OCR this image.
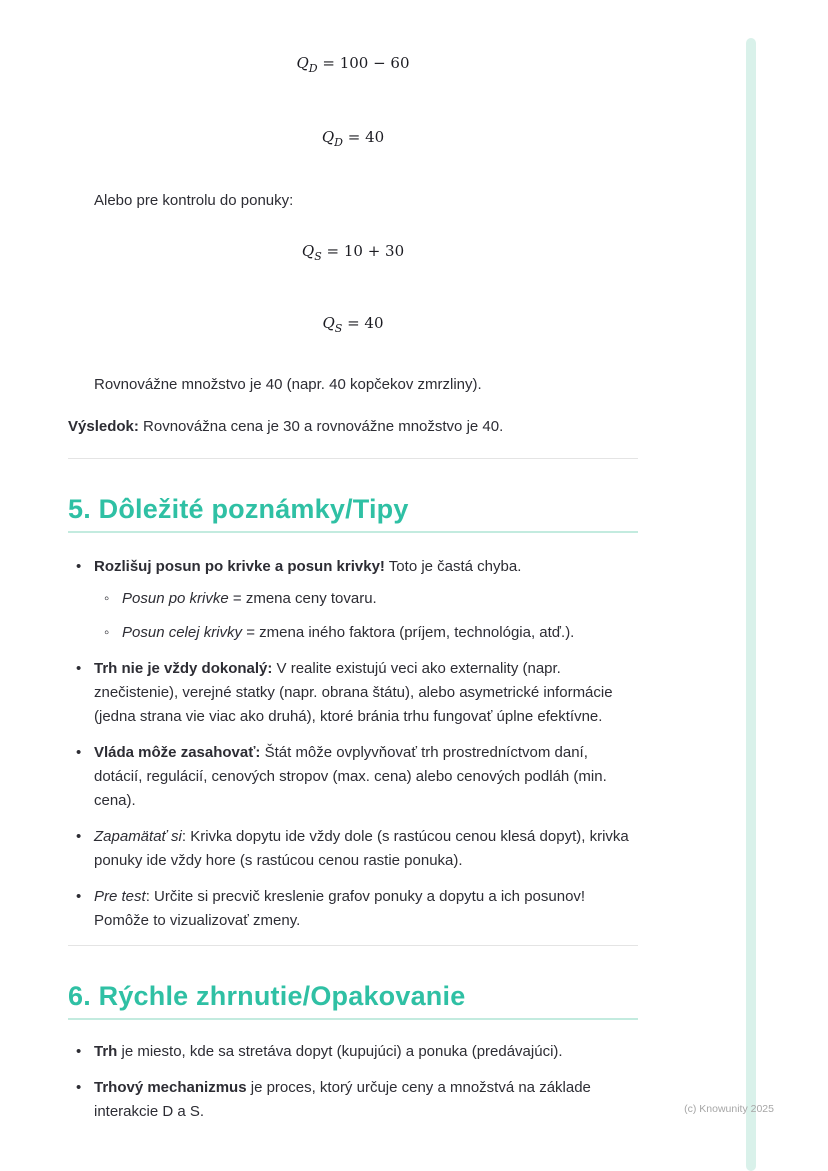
$Q_D = 100 - 60$
$Q_D = 40$

Alebo pre kontrolu do ponuky:

$Q_S = 10 + 30$
$Q_S = 40$

Rovnovážne množstvo je 40 (napr. 40 kopčekov zmrzliny).

Výsledok: Rovnovážna cena je 30 a rovnovážne množstvo je 40.

5. Dôležité poznámky/Tipy
• Rozlišuj posun po krivke a posun krivky! Toto je častá chyba.
◦ Posun po krivke = zmena ceny tovaru.
◦ Posun celej krivky = zmena iného faktora (príjem, technológia, atď.).
• Trh nie je vždy dokonalý: V realite existujú veci ako externality (napr. znečistenie), verejné statky (napr. obrana štátu), alebo asymetrické informácie (jedna strana vie viac ako druhá), ktoré bránia trhu fungovať úplne efektívne.
• Vláda môže zasahovať: Štát môže ovplyvňovať trh prostredníctvom daní, dotácií, regulácií, cenových stropov (max. cena) alebo cenových podláh (min. cena).
• Zapamätať si: Krivka dopytu ide vždy dole (s rastúcou cenou klesá dopyt), krivka ponuky ide vždy hore (s rastúcou cenou rastie ponuka).
• Pre test: Určite si precvič kreslenie grafov ponuky a dopytu a ich posunov! Pomôže to vizualizovať zmeny.
6. Rýchle zhrnutie/Opakovanie
• Trh je miesto, kde sa stretáva dopyt (kupujúci) a ponuka (predávajúci).
• Trhový mechanizmus je proces, ktorý určuje ceny a množstvá na základe interakcie D a S.	(c) Knowunity 2025
